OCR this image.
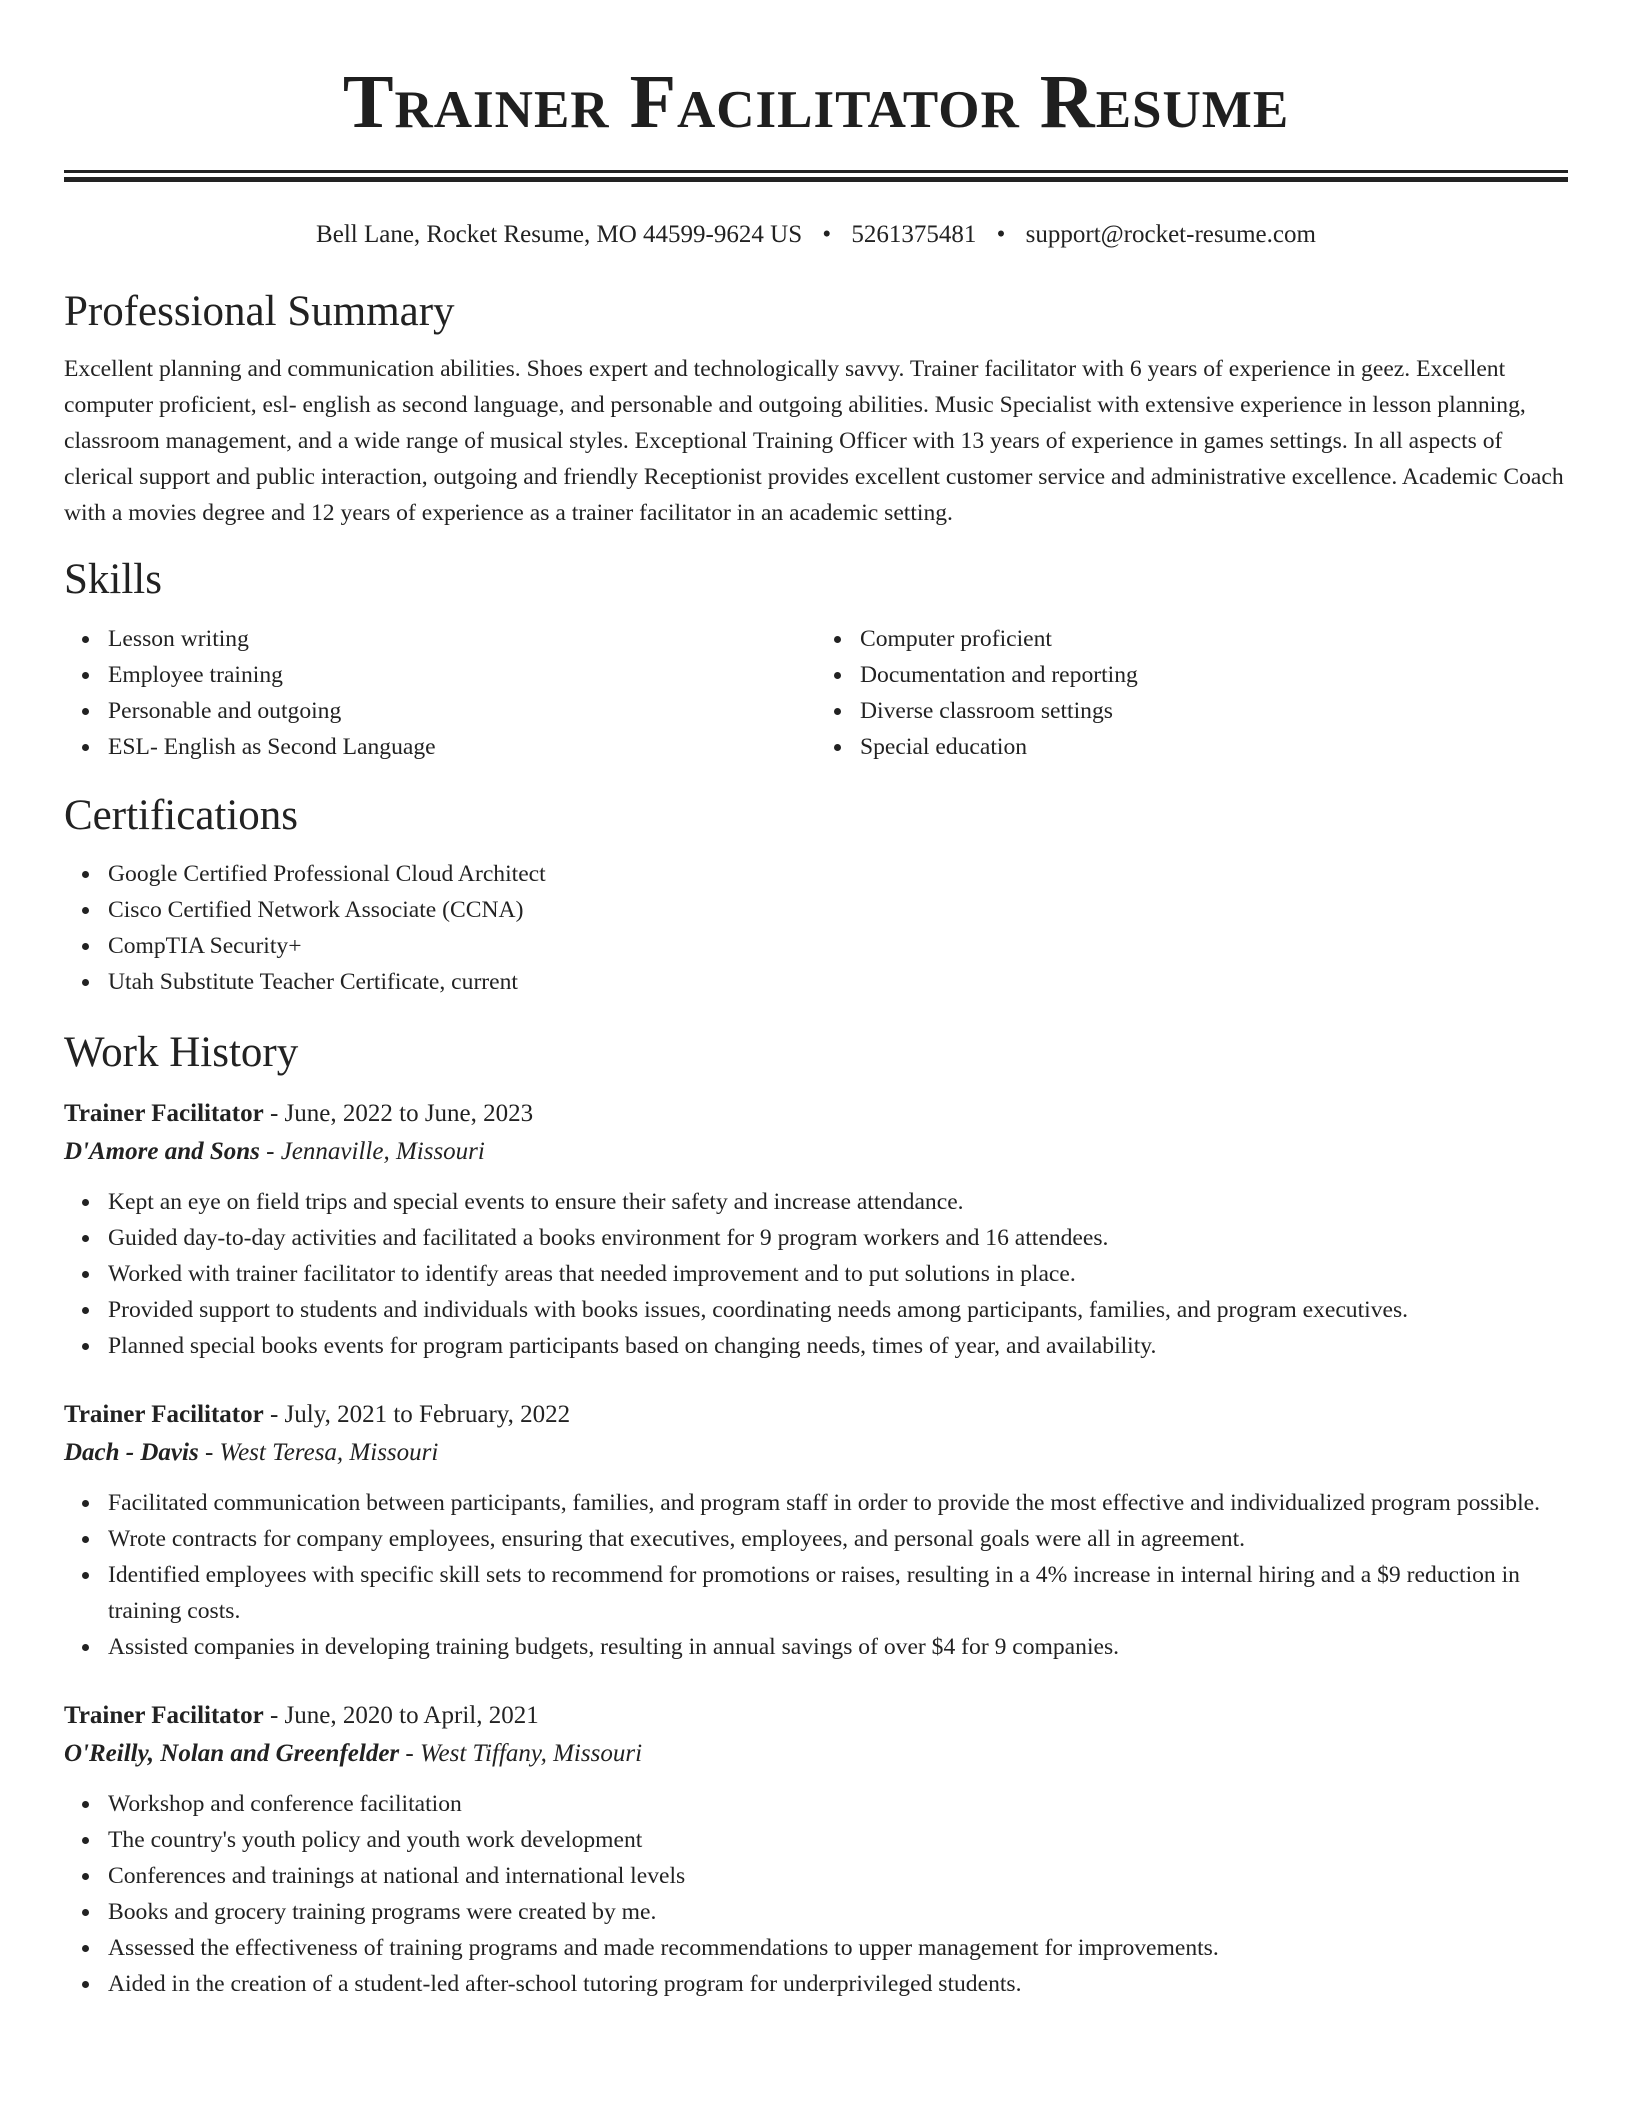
Trainer Facilitator Resume
Bell Lane, Rocket Resume, MO 44599-9624 US • 5261375481 • support@rocket-resume.com
Professional Summary

Excellent planning and communication abilities. Shoes expert and technologically savvy. Trainer facilitator with 6 years of experience in geez. Excellent computer proficient, esl- english as second language, and personable and outgoing abilities. Music Specialist with extensive experience in lesson planning, classroom management, and a wide range of musical styles. Exceptional Training Officer with 13 years of experience in games settings. In all aspects of clerical support and public interaction, outgoing and friendly Receptionist provides excellent customer service and administrative excellence. Academic Coach with a movies degree and 12 years of experience as a trainer facilitator in an academic setting.

Skills
Lesson writing
Employee training
Personable and outgoing
ESL- English as Second Language
Computer proficient
Documentation and reporting
Diverse classroom settings
Special education
Certifications
Google Certified Professional Cloud Architect
Cisco Certified Network Associate (CCNA)
CompTIA Security+
Utah Substitute Teacher Certificate, current
Work History
Trainer Facilitator - June, 2022 to June, 2023
D'Amore and Sons - Jennaville, Missouri
Kept an eye on field trips and special events to ensure their safety and increase attendance.
Guided day-to-day activities and facilitated a books environment for 9 program workers and 16 attendees.
Worked with trainer facilitator to identify areas that needed improvement and to put solutions in place.
Provided support to students and individuals with books issues, coordinating needs among participants, families, and program executives.
Planned special books events for program participants based on changing needs, times of year, and availability.
Trainer Facilitator - July, 2021 to February, 2022
Dach - Davis - West Teresa, Missouri
Facilitated communication between participants, families, and program staff in order to provide the most effective and individualized program possible.
Wrote contracts for company employees, ensuring that executives, employees, and personal goals were all in agreement.
Identified employees with specific skill sets to recommend for promotions or raises, resulting in a 4% increase in internal hiring and a $9 reduction in training costs.
Assisted companies in developing training budgets, resulting in annual savings of over $4 for 9 companies.
Trainer Facilitator - June, 2020 to April, 2021
O'Reilly, Nolan and Greenfelder - West Tiffany, Missouri
Workshop and conference facilitation
The country's youth policy and youth work development
Conferences and trainings at national and international levels
Books and grocery training programs were created by me.
Assessed the effectiveness of training programs and made recommendations to upper management for improvements.
Aided in the creation of a student-led after-school tutoring program for underprivileged students.
